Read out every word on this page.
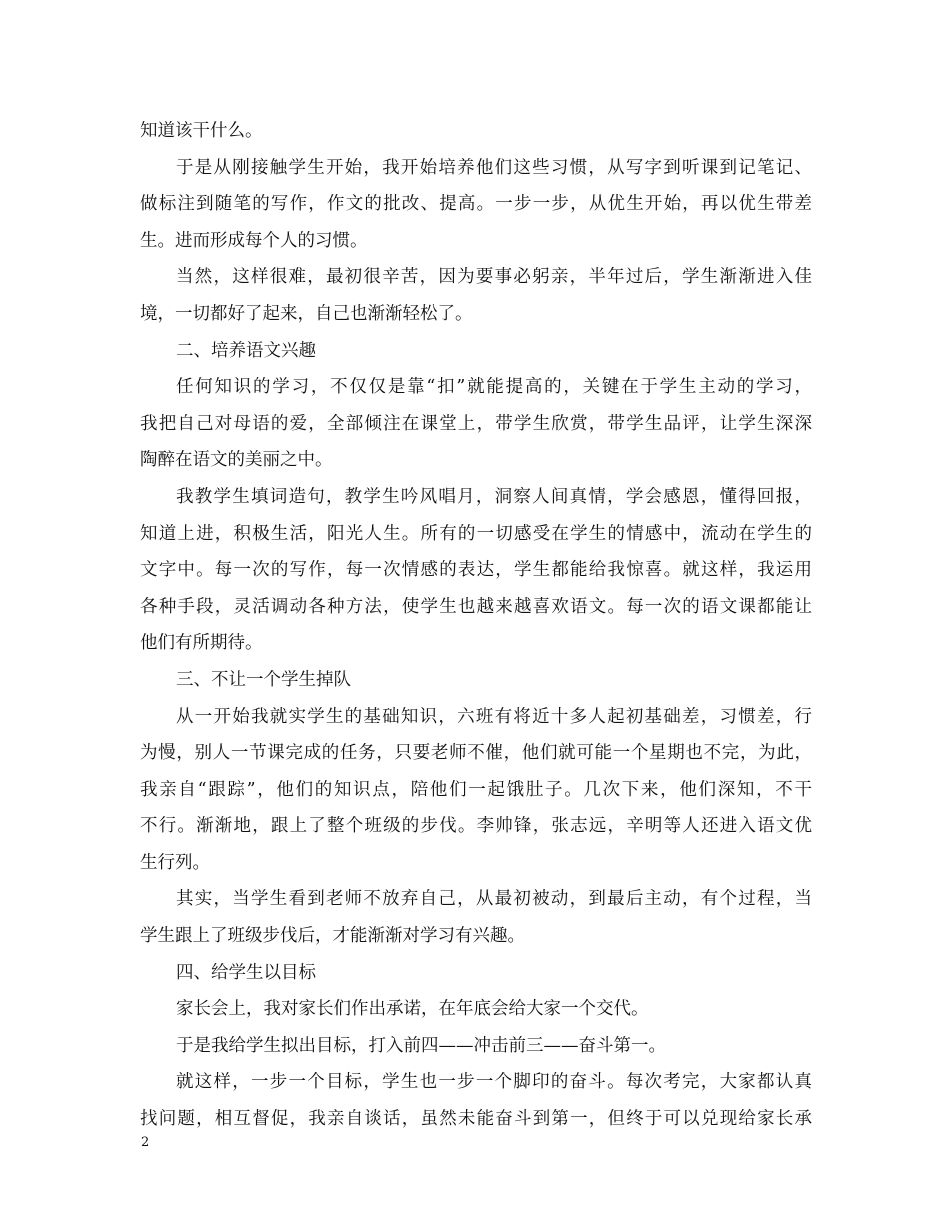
知道该干什么。
于是从刚接触学生开始，我开始培养他们这些习惯，从写字到听课到记笔记、
做标注到随笔的写作，作文的批改、提高。一步一步，从优生开始，再以优生带差
生。进而形成每个人的习惯。
当然，这样很难，最初很辛苦，因为要事必躬亲，半年过后，学生渐渐进入佳
境，一切都好了起来，自己也渐渐轻松了。
二、培养语文兴趣
任何知识的学习，不仅仅是靠“扣”就能提高的，关键在于学生主动的学习，
我把自己对母语的爱，全部倾注在课堂上，带学生欣赏，带学生品评，让学生深深
陶醉在语文的美丽之中。
我教学生填词造句，教学生吟风唱月，洞察人间真情，学会感恩，懂得回报，
知道上进，积极生活，阳光人生。所有的一切感受在学生的情感中，流动在学生的
文字中。每一次的写作，每一次情感的表达，学生都能给我惊喜。就这样，我运用
各种手段，灵活调动各种方法，使学生也越来越喜欢语文。每一次的语文课都能让
他们有所期待。
三、不让一个学生掉队
从一开始我就实学生的基础知识，六班有将近十多人起初基础差，习惯差，行
为慢，别人一节课完成的任务，只要老师不催，他们就可能一个星期也不完，为此，
我亲自“跟踪”，他们的知识点，陪他们一起饿肚子。几次下来，他们深知，不干
不行。渐渐地，跟上了整个班级的步伐。李帅锋，张志远，辛明等人还进入语文优
生行列。
其实，当学生看到老师不放弃自己，从最初被动，到最后主动，有个过程，当
学生跟上了班级步伐后，才能渐渐对学习有兴趣。
四、给学生以目标
家长会上，我对家长们作出承诺，在年底会给大家一个交代。
于是我给学生拟出目标，打入前四——冲击前三——奋斗第一。
就这样，一步一个目标，学生也一步一个脚印的奋斗。每次考完，大家都认真
找问题，相互督促，我亲自谈话，虽然未能奋斗到第一，但终于可以兑现给家长承
2
